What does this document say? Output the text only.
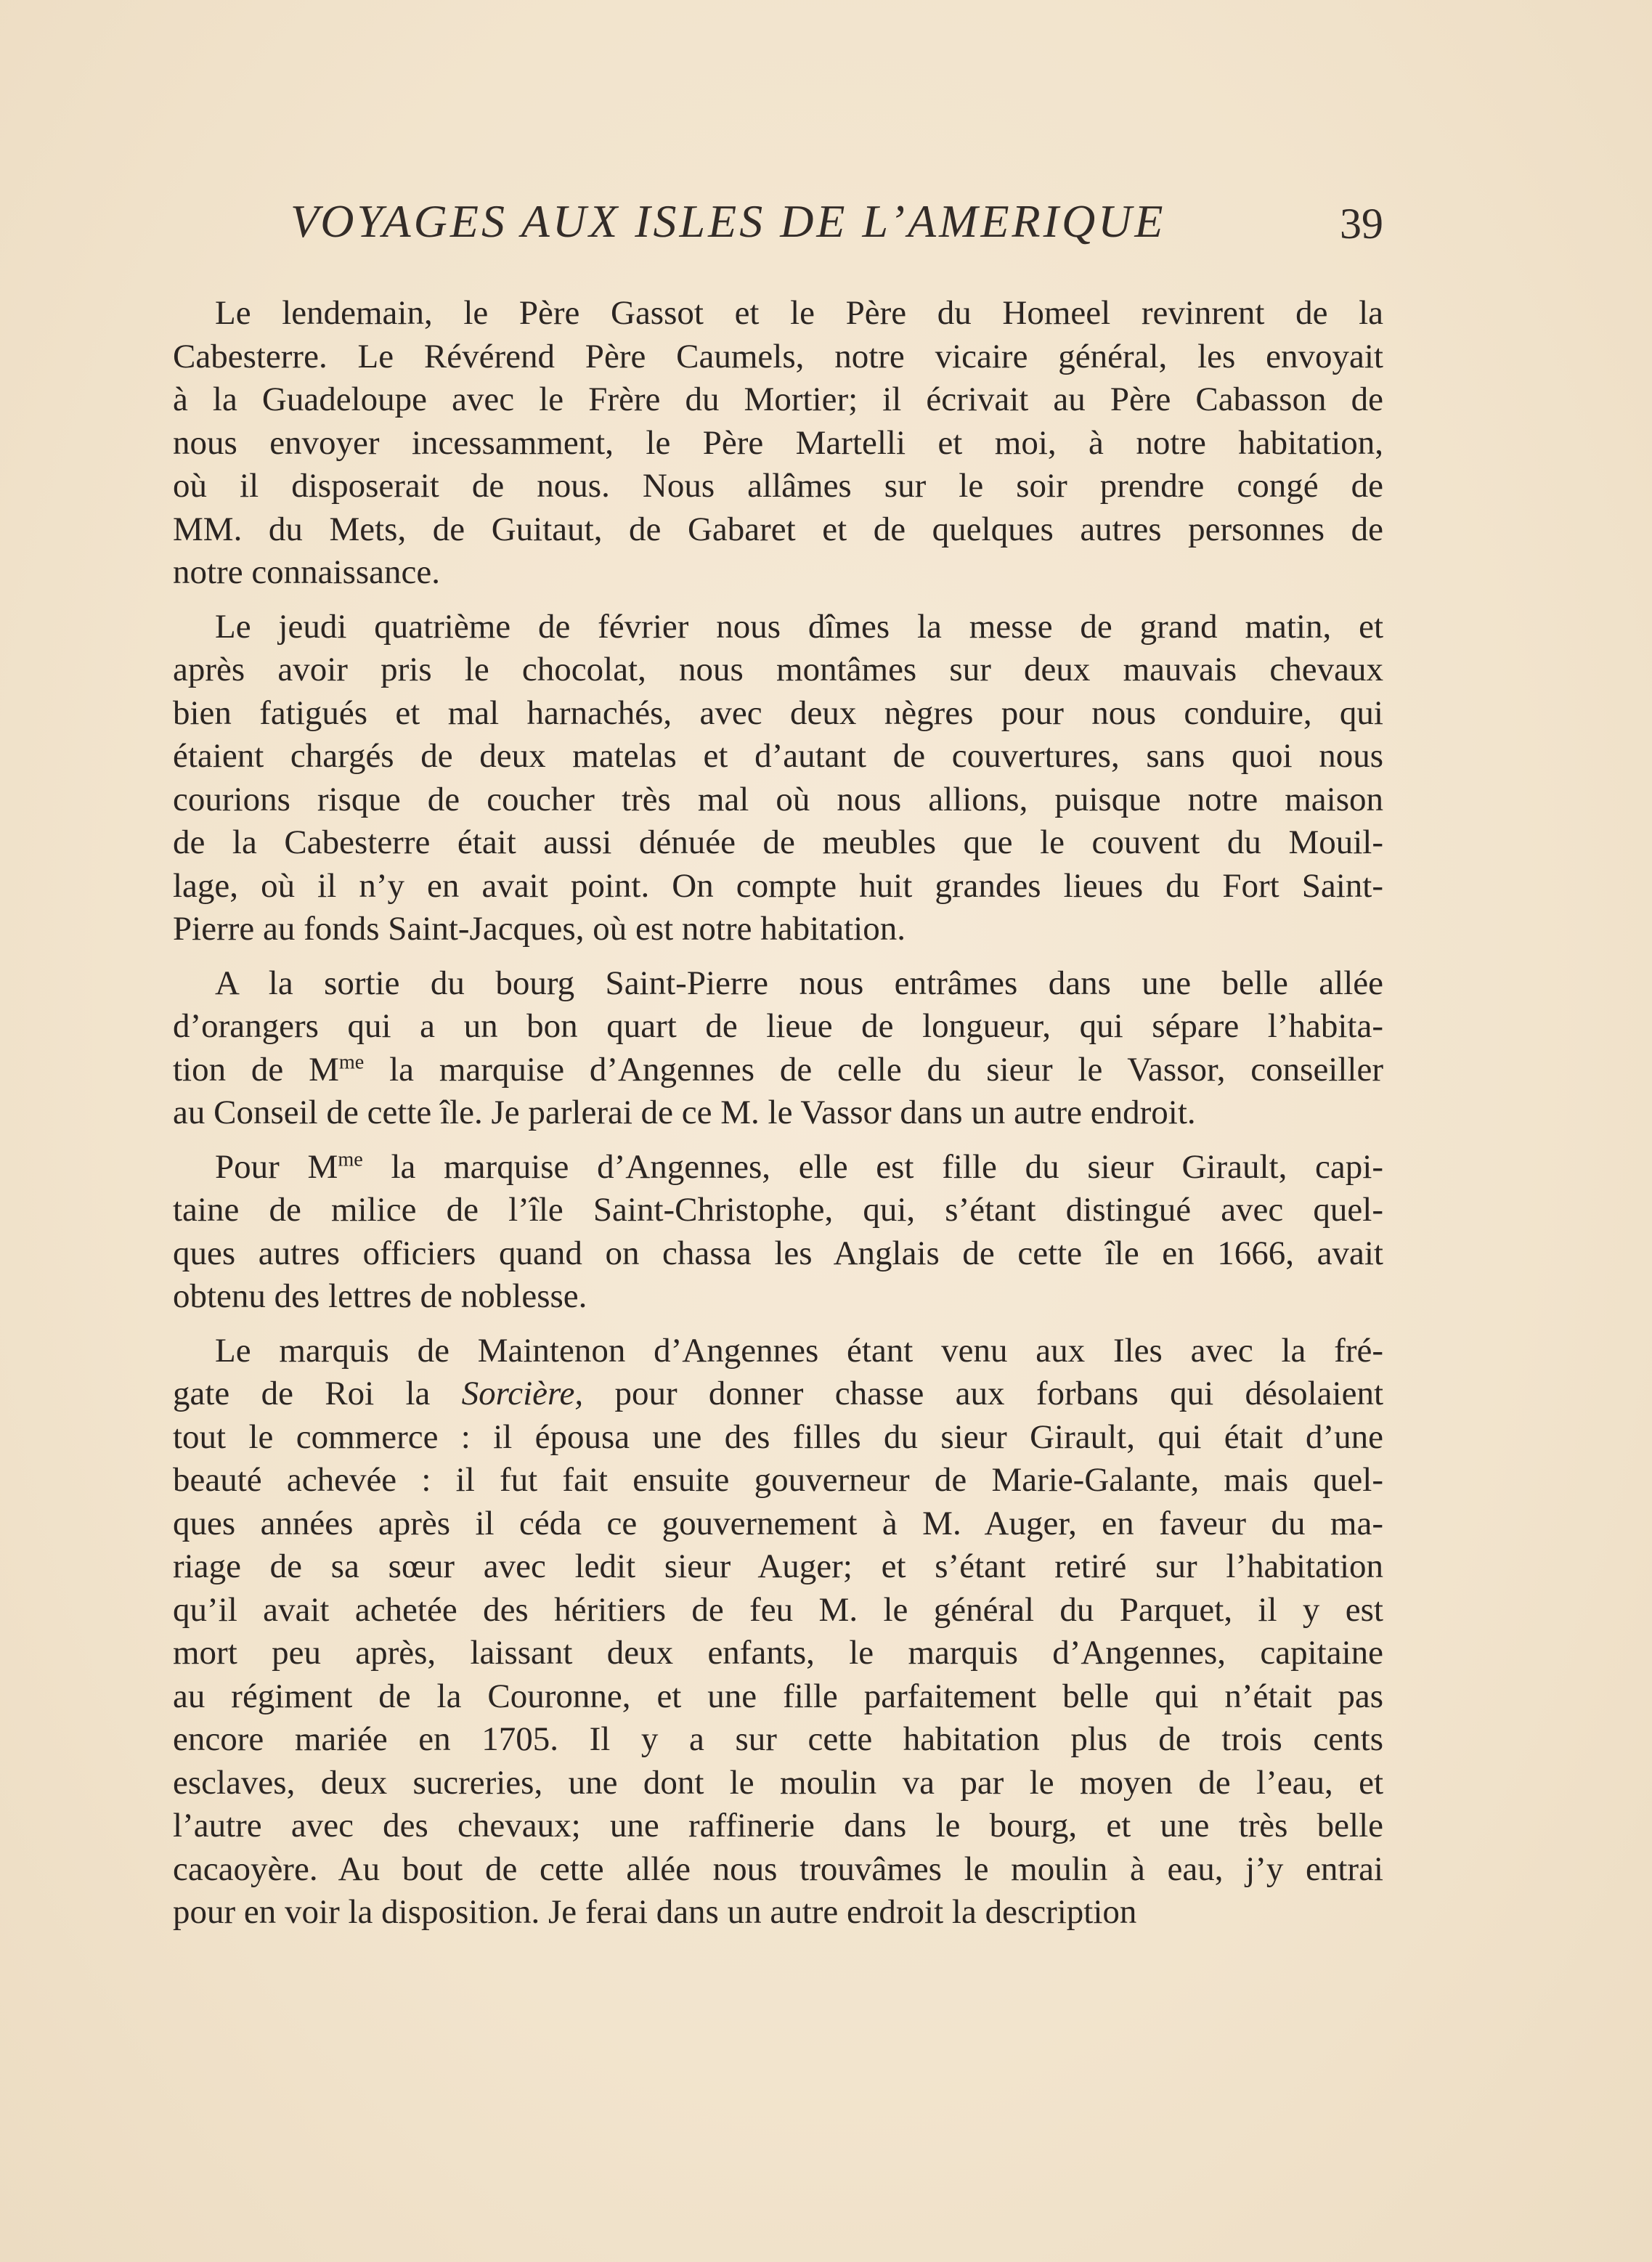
VOYAGES AUX ISLES DE L’AMERIQUE	39
Le lendemain, le Père Gassot et le Père du Homeel revinrent de la
Cabesterre. Le Révérend Père Caumels, notre vicaire général, les envoyait
à la Guadeloupe avec le Frère du Mortier; il écrivait au Père Cabasson de
nous envoyer incessamment, le Père Martelli et moi, à notre habitation,
où il disposerait de nous. Nous allâmes sur le soir prendre congé de
MM. du Mets, de Guitaut, de Gabaret et de quelques autres personnes de
notre connaissance.
Le jeudi quatrième de février nous dîmes la messe de grand matin, et
après avoir pris le chocolat, nous montâmes sur deux mauvais chevaux
bien fatigués et mal harnachés, avec deux nègres pour nous conduire, qui
étaient chargés de deux matelas et d’autant de couvertures, sans quoi nous
courions risque de coucher très mal où nous allions, puisque notre maison
de la Cabesterre était aussi dénuée de meubles que le couvent du Mouil-
lage, où il n’y en avait point. On compte huit grandes lieues du Fort Saint-
Pierre au fonds Saint-Jacques, où est notre habitation.
A la sortie du bourg Saint-Pierre nous entrâmes dans une belle allée
d’orangers qui a un bon quart de lieue de longueur, qui sépare l’habita-
tion de $M^{me}$ la marquise d’Angennes de celle du sieur le Vassor, conseiller
au Conseil de cette île. Je parlerai de ce M. le Vassor dans un autre endroit.
Pour $M^{me}$ la marquise d’Angennes, elle est fille du sieur Girault, capi-
taine de milice de l’île Saint-Christophe, qui, s’étant distingué avec quel-
ques autres officiers quand on chassa les Anglais de cette île en 1666, avait
obtenu des lettres de noblesse.
Le marquis de Maintenon d’Angennes étant venu aux Iles avec la fré-
gate de Roi la Sorcière, pour donner chasse aux forbans qui désolaient
tout le commerce : il épousa une des filles du sieur Girault, qui était d’une
beauté achevée : il fut fait ensuite gouverneur de Marie-Galante, mais quel-
ques années après il céda ce gouvernement à M. Auger, en faveur du ma-
riage de sa sœur avec ledit sieur Auger; et s’étant retiré sur l’habitation
qu’il avait achetée des héritiers de feu M. le général du Parquet, il y est
mort peu après, laissant deux enfants, le marquis d’Angennes, capitaine
au régiment de la Couronne, et une fille parfaitement belle qui n’était pas
encore mariée en 1705. Il y a sur cette habitation plus de trois cents
esclaves, deux sucreries, une dont le moulin va par le moyen de l’eau, et
l’autre avec des chevaux; une raffinerie dans le bourg, et une très belle
cacaoyère. Au bout de cette allée nous trouvâmes le moulin à eau, j’y entrai
pour en voir la disposition. Je ferai dans un autre endroit la description
